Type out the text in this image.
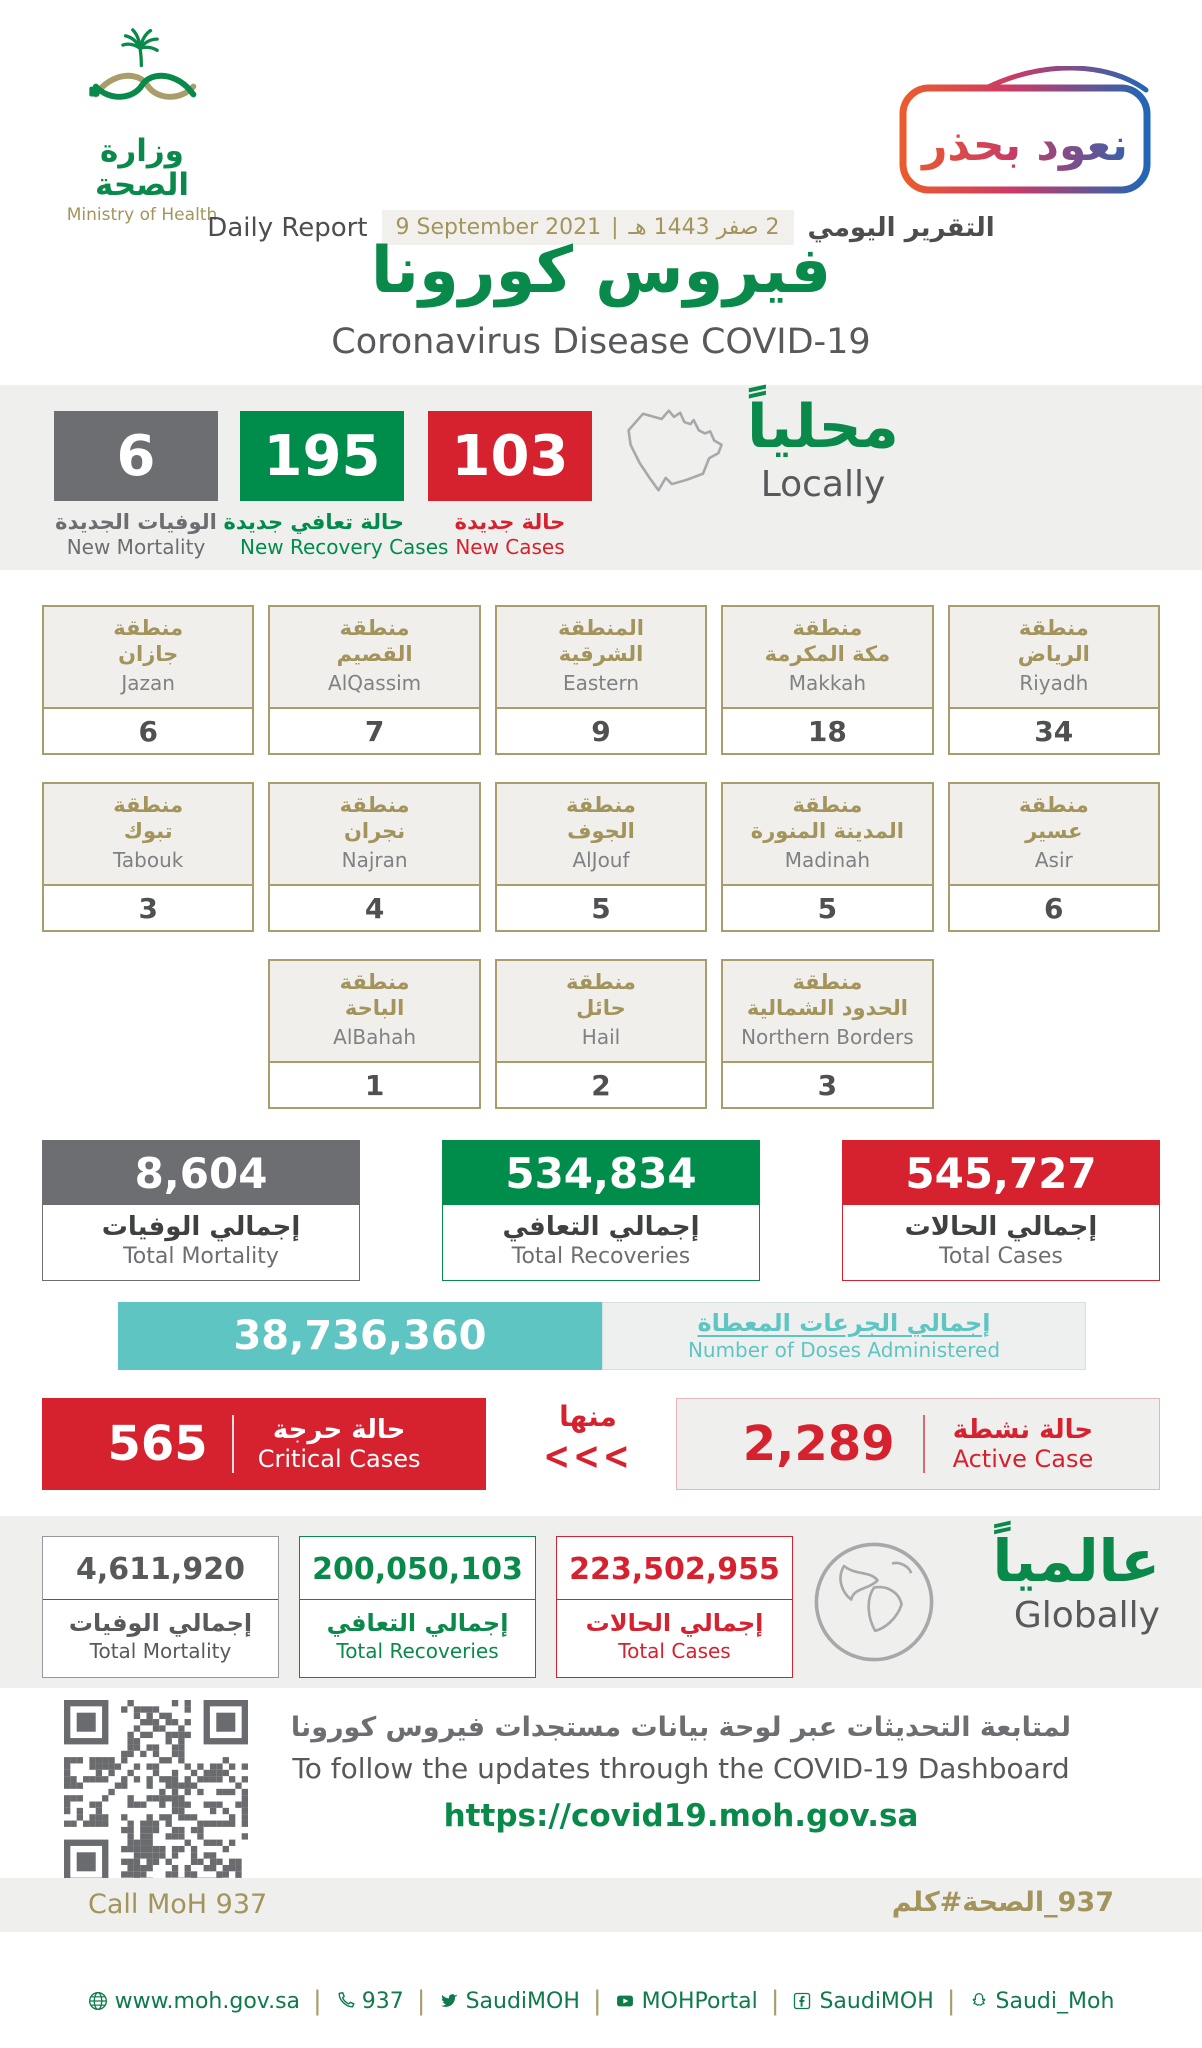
وزارة الصحة
Ministry of Health
نعود بحذر
Daily Report 9 September 2021 | 2 صفر 1443 هـ التقرير اليومي
فيروس كورونا
Coronavirus Disease COVID-19
6
الوفيات الجديدة
New Mortality
195
حالة تعافي جديدة
New Recovery Cases
103
حالة جديدة
New Cases
محلياً
Locally
منطقة
جازان
Jazan
6
منطقة
القصيم
AlQassim
7
المنطقة
الشرقية
Eastern
9
منطقة
مكة المكرمة
Makkah
18
منطقة
الرياض
Riyadh
34
منطقة
تبوك
Tabouk
3
منطقة
نجران
Najran
4
منطقة
الجوف
AlJouf
5
منطقة
المدينة المنورة
Madinah
5
منطقة
عسير
Asir
6
منطقة
الباحة
AlBahah
1
منطقة
حائل
Hail
2
منطقة
الحدود الشمالية
Northern Borders
3
8,604
إجمالي الوفيات
Total Mortality
534,834
إجمالي التعافي
Total Recoveries
545,727
إجمالي الحالات
Total Cases
38,736,360	إجمالي الجرعات المعطاة
Number of Doses Administered
565	حالة حرجة
Critical Cases
منها
<<<	2,289 حالة نشطة
Active Case
4,611,920
إجمالي الوفيات
Total Mortality
200,050,103
إجمالي التعافي
Total Recoveries
223,502,955
إجمالي الحالات
Total Cases
عالمياً
Globally
لمتابعة التحديثات عبر لوحة بيانات مستجدات فيروس كورونا
To follow the updates through the COVID-19 Dashboard
https://covid19.moh.gov.sa
Call MoH 937	كلم‎#الصحة‎_937
www.moh.gov.sa | 937 | SaudiMOH | MOHPortal | SaudiMOH | Saudi_Moh
